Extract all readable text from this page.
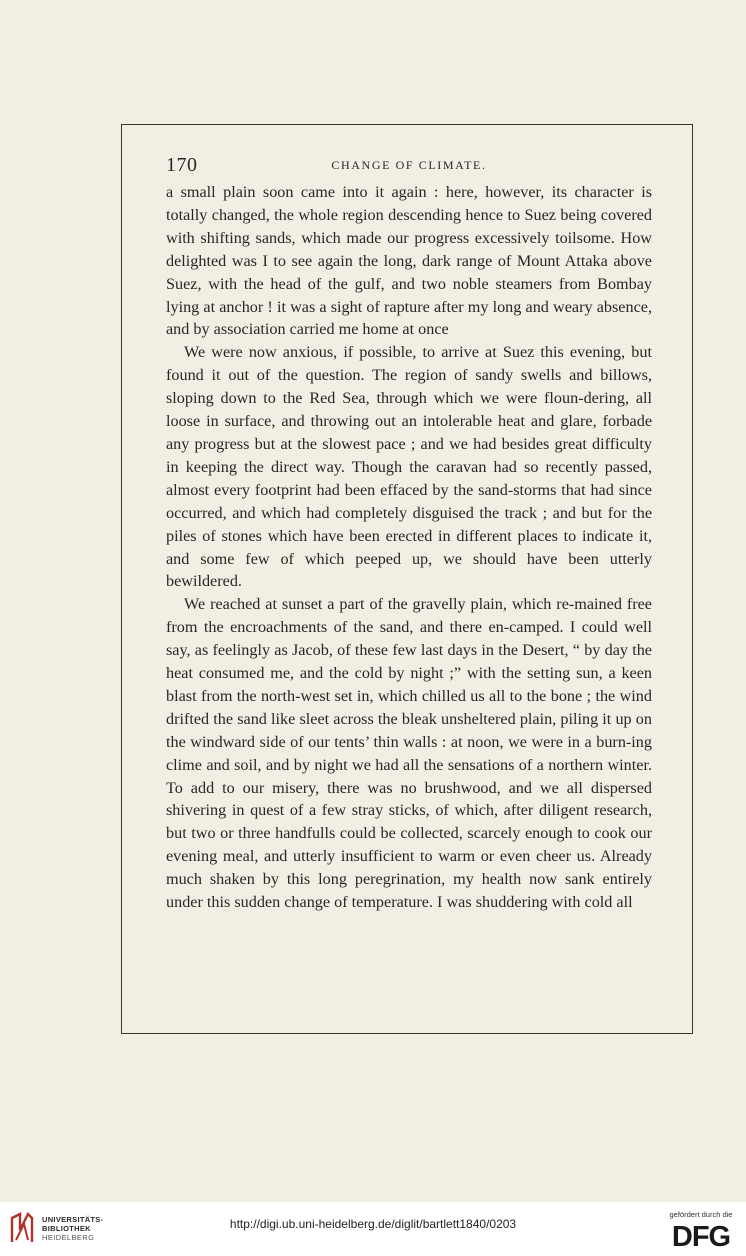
170	CHANGE OF CLIMATE.

a small plain soon came into it again : here, however, its character is totally changed, the whole region descending hence to Suez being covered with shifting sands, which made our progress excessively toilsome. How delighted was I to see again the long, dark range of Mount Attaka above Suez, with the head of the gulf, and two noble steamers from Bombay lying at anchor ! it was a sight of rapture after my long and weary absence, and by association carried me home at once

We were now anxious, if possible, to arrive at Suez this evening, but found it out of the question. The region of sandy swells and billows, sloping down to the Red Sea, through which we were floun-dering, all loose in surface, and throwing out an intolerable heat and glare, forbade any progress but at the slowest pace ; and we had besides great difficulty in keeping the direct way. Though the caravan had so recently passed, almost every footprint had been effaced by the sand-storms that had since occurred, and which had completely disguised the track ; and but for the piles of stones which have been erected in different places to indicate it, and some few of which peeped up, we should have been utterly bewildered.

We reached at sunset a part of the gravelly plain, which re-mained free from the encroachments of the sand, and there en-camped. I could well say, as feelingly as Jacob, of these few last days in the Desert, “ by day the heat consumed me, and the cold by night ;” with the setting sun, a keen blast from the north-west set in, which chilled us all to the bone ; the wind drifted the sand like sleet across the bleak unsheltered plain, piling it up on the windward side of our tents’ thin walls : at noon, we were in a burn-ing clime and soil, and by night we had all the sensations of a northern winter. To add to our misery, there was no brushwood, and we all dispersed shivering in quest of a few stray sticks, of which, after diligent research, but two or three handfulls could be collected, scarcely enough to cook our evening meal, and utterly insufficient to warm or even cheer us. Already much shaken by this long peregrination, my health now sank entirely under this sudden change of temperature. I was shuddering with cold all

UNIVERSITÄTS-
BIBLIOTHEK
HEIDELBERG
http://digi.ub.uni-heidelberg.de/diglit/bartlett1840/0203
gefördert durch die
DFG
